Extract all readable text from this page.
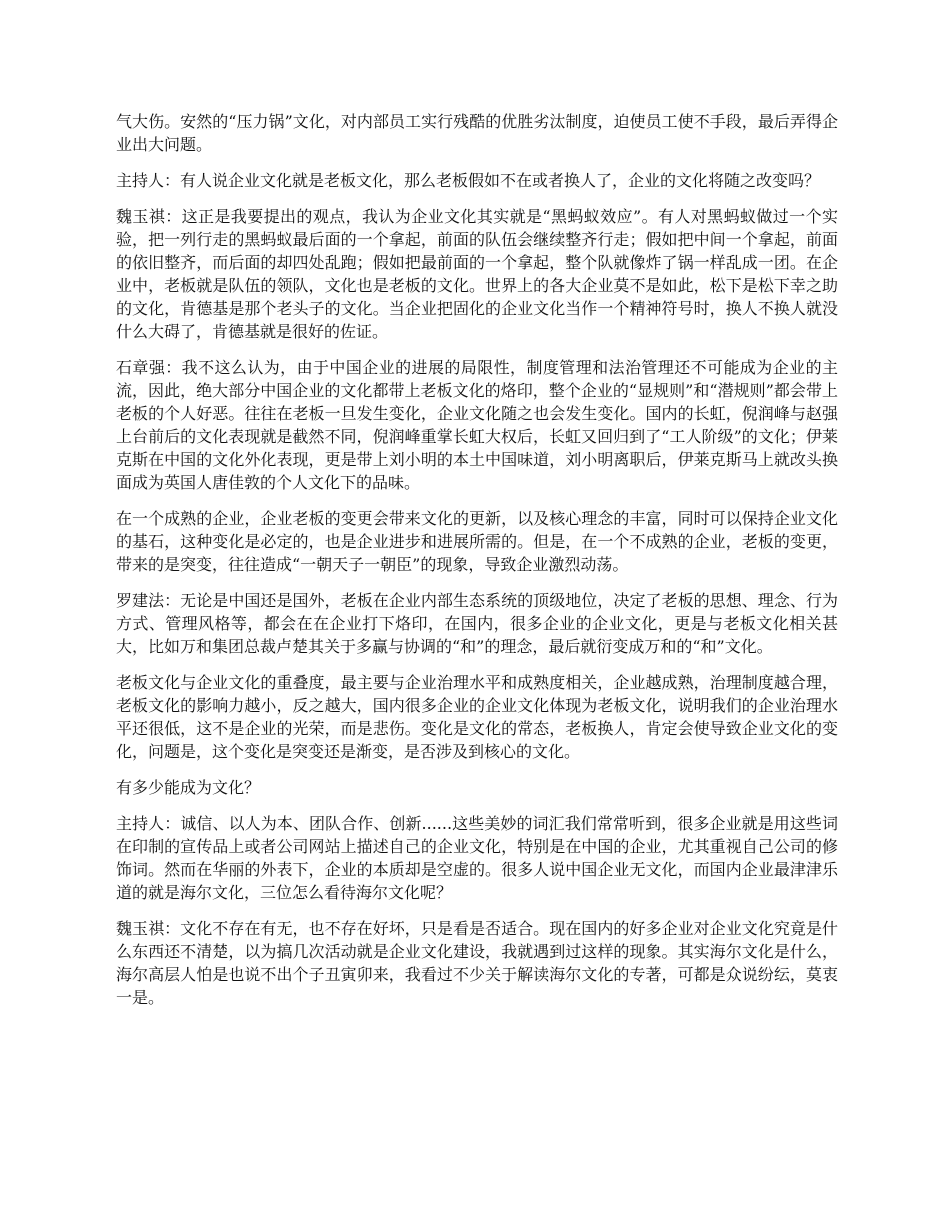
气大伤。安然的“压力锅”文化，对内部员工实行残酷的优胜劣汰制度，迫使员工使不手段，最后弄得企业出大问题。

主持人：有人说企业文化就是老板文化，那么老板假如不在或者换人了，企业的文化将随之改变吗？

魏玉祺：这正是我要提出的观点，我认为企业文化其实就是“黑蚂蚁效应”。有人对黑蚂蚁做过一个实验，把一列行走的黑蚂蚁最后面的一个拿起，前面的队伍会继续整齐行走；假如把中间一个拿起，前面的依旧整齐，而后面的却四处乱跑；假如把最前面的一个拿起，整个队就像炸了锅一样乱成一团。在企业中，老板就是队伍的领队，文化也是老板的文化。世界上的各大企业莫不是如此，松下是松下幸之助的文化，肯德基是那个老头子的文化。当企业把固化的企业文化当作一个精神符号时，换人不换人就没什么大碍了，肯德基就是很好的佐证。

石章强：我不这么认为，由于中国企业的进展的局限性，制度管理和法治管理还不可能成为企业的主流，因此，绝大部分中国企业的文化都带上老板文化的烙印，整个企业的“显规则”和“潜规则”都会带上老板的个人好恶。往往在老板一旦发生变化，企业文化随之也会发生变化。国内的长虹，倪润峰与赵强上台前后的文化表现就是截然不同，倪润峰重掌长虹大权后，长虹又回归到了“工人阶级”的文化；伊莱克斯在中国的文化外化表现，更是带上刘小明的本土中国味道，刘小明离职后，伊莱克斯马上就改头换面成为英国人唐佳敦的个人文化下的品味。

在一个成熟的企业，企业老板的变更会带来文化的更新，以及核心理念的丰富，同时可以保持企业文化的基石，这种变化是必定的，也是企业进步和进展所需的。但是，在一个不成熟的企业，老板的变更，带来的是突变，往往造成“一朝天子一朝臣”的现象，导致企业激烈动荡。

罗建法：无论是中国还是国外，老板在企业内部生态系统的顶级地位，决定了老板的思想、理念、行为方式、管理风格等，都会在在企业打下烙印，在国内，很多企业的企业文化，更是与老板文化相关甚大，比如万和集团总裁卢楚其关于多赢与协调的“和”的理念，最后就衍变成万和的“和”文化。

老板文化与企业文化的重叠度，最主要与企业治理水平和成熟度相关，企业越成熟，治理制度越合理，老板文化的影响力越小，反之越大，国内很多企业的企业文化体现为老板文化，说明我们的企业治理水平还很低，这不是企业的光荣，而是悲伤。变化是文化的常态，老板换人，肯定会使导致企业文化的变化，问题是，这个变化是突变还是渐变，是否涉及到核心的文化。

有多少能成为文化？

主持人：诚信、以人为本、团队合作、创新......这些美妙的词汇我们常常听到，很多企业就是用这些词在印制的宣传品上或者公司网站上描述自己的企业文化，特别是在中国的企业，尤其重视自己公司的修饰词。然而在华丽的外表下，企业的本质却是空虚的。很多人说中国企业无文化，而国内企业最津津乐道的就是海尔文化，三位怎么看待海尔文化呢？

魏玉祺：文化不存在有无，也不存在好坏，只是看是否适合。现在国内的好多企业对企业文化究竟是什么东西还不清楚，以为搞几次活动就是企业文化建设，我就遇到过这样的现象。其实海尔文化是什么，海尔高层人怕是也说不出个子丑寅卯来，我看过不少关于解读海尔文化的专著，可都是众说纷纭，莫衷一是。
